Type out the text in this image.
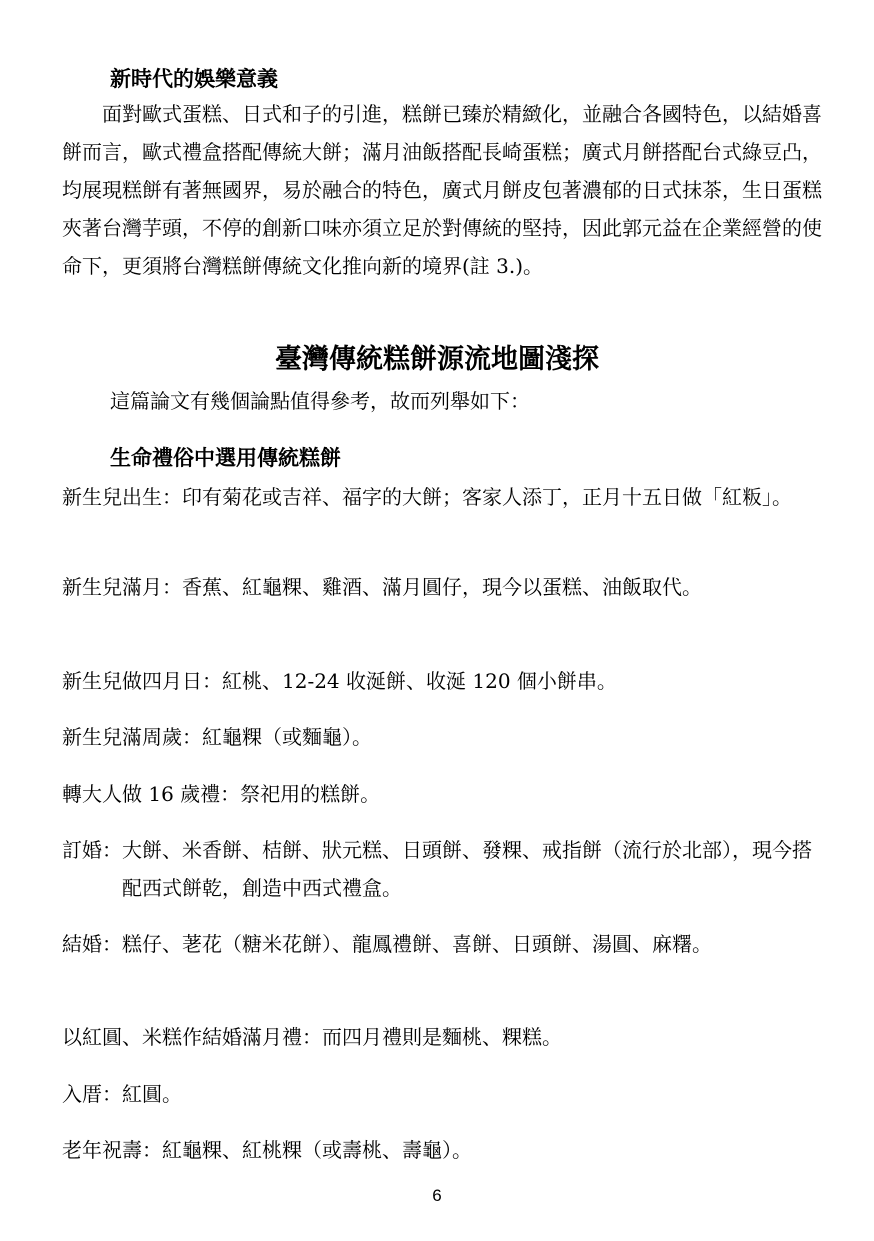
新時代的娛樂意義
　　面對歐式蛋糕、日式和子的引進，糕餅已臻於精緻化，並融合各國特色，以結婚喜餅而言，歐式禮盒搭配傳統大餅；滿月油飯搭配長崎蛋糕；廣式月餅搭配台式綠豆凸，均展現糕餅有著無國界，易於融合的特色，廣式月餅皮包著濃郁的日式抹茶，生日蛋糕夾著台灣芋頭，不停的創新口味亦須立足於對傳統的堅持，因此郭元益在企業經營的使命下，更須將台灣糕餅傳統文化推向新的境界(註 3.)。
臺灣傳統糕餅源流地圖淺探
這篇論文有幾個論點值得參考，故而列舉如下：
生命禮俗中選用傳統糕餅
新生兒出生： 印有菊花或吉祥、福字的大餅；客家人添丁，正月十五日做「紅粄」。
新生兒滿月： 香蕉、紅龜粿、雞酒、滿月圓仔，現今以蛋糕、油飯取代。
新生兒做四月日： 紅桃、12-24 收涎餅、收涎 120 個小餅串。
新生兒滿周歲： 紅龜粿（或麵龜）。
轉大人做 16 歲禮： 祭祀用的糕餅。
訂婚： 大餅、米香餅、桔餅、狀元糕、日頭餅、發粿、戒指餅（流行於北部），現今搭配西式餅乾，創造中西式禮盒。
結婚： 糕仔、荖花（糖米花餅）、龍鳳禮餅、喜餅、日頭餅、湯圓、麻糬。
以紅圓、米糕作結婚滿月禮： 而四月禮則是麵桃、粿糕。
入厝： 紅圓。
老年祝壽： 紅龜粿、紅桃粿（或壽桃、壽龜）。
6
